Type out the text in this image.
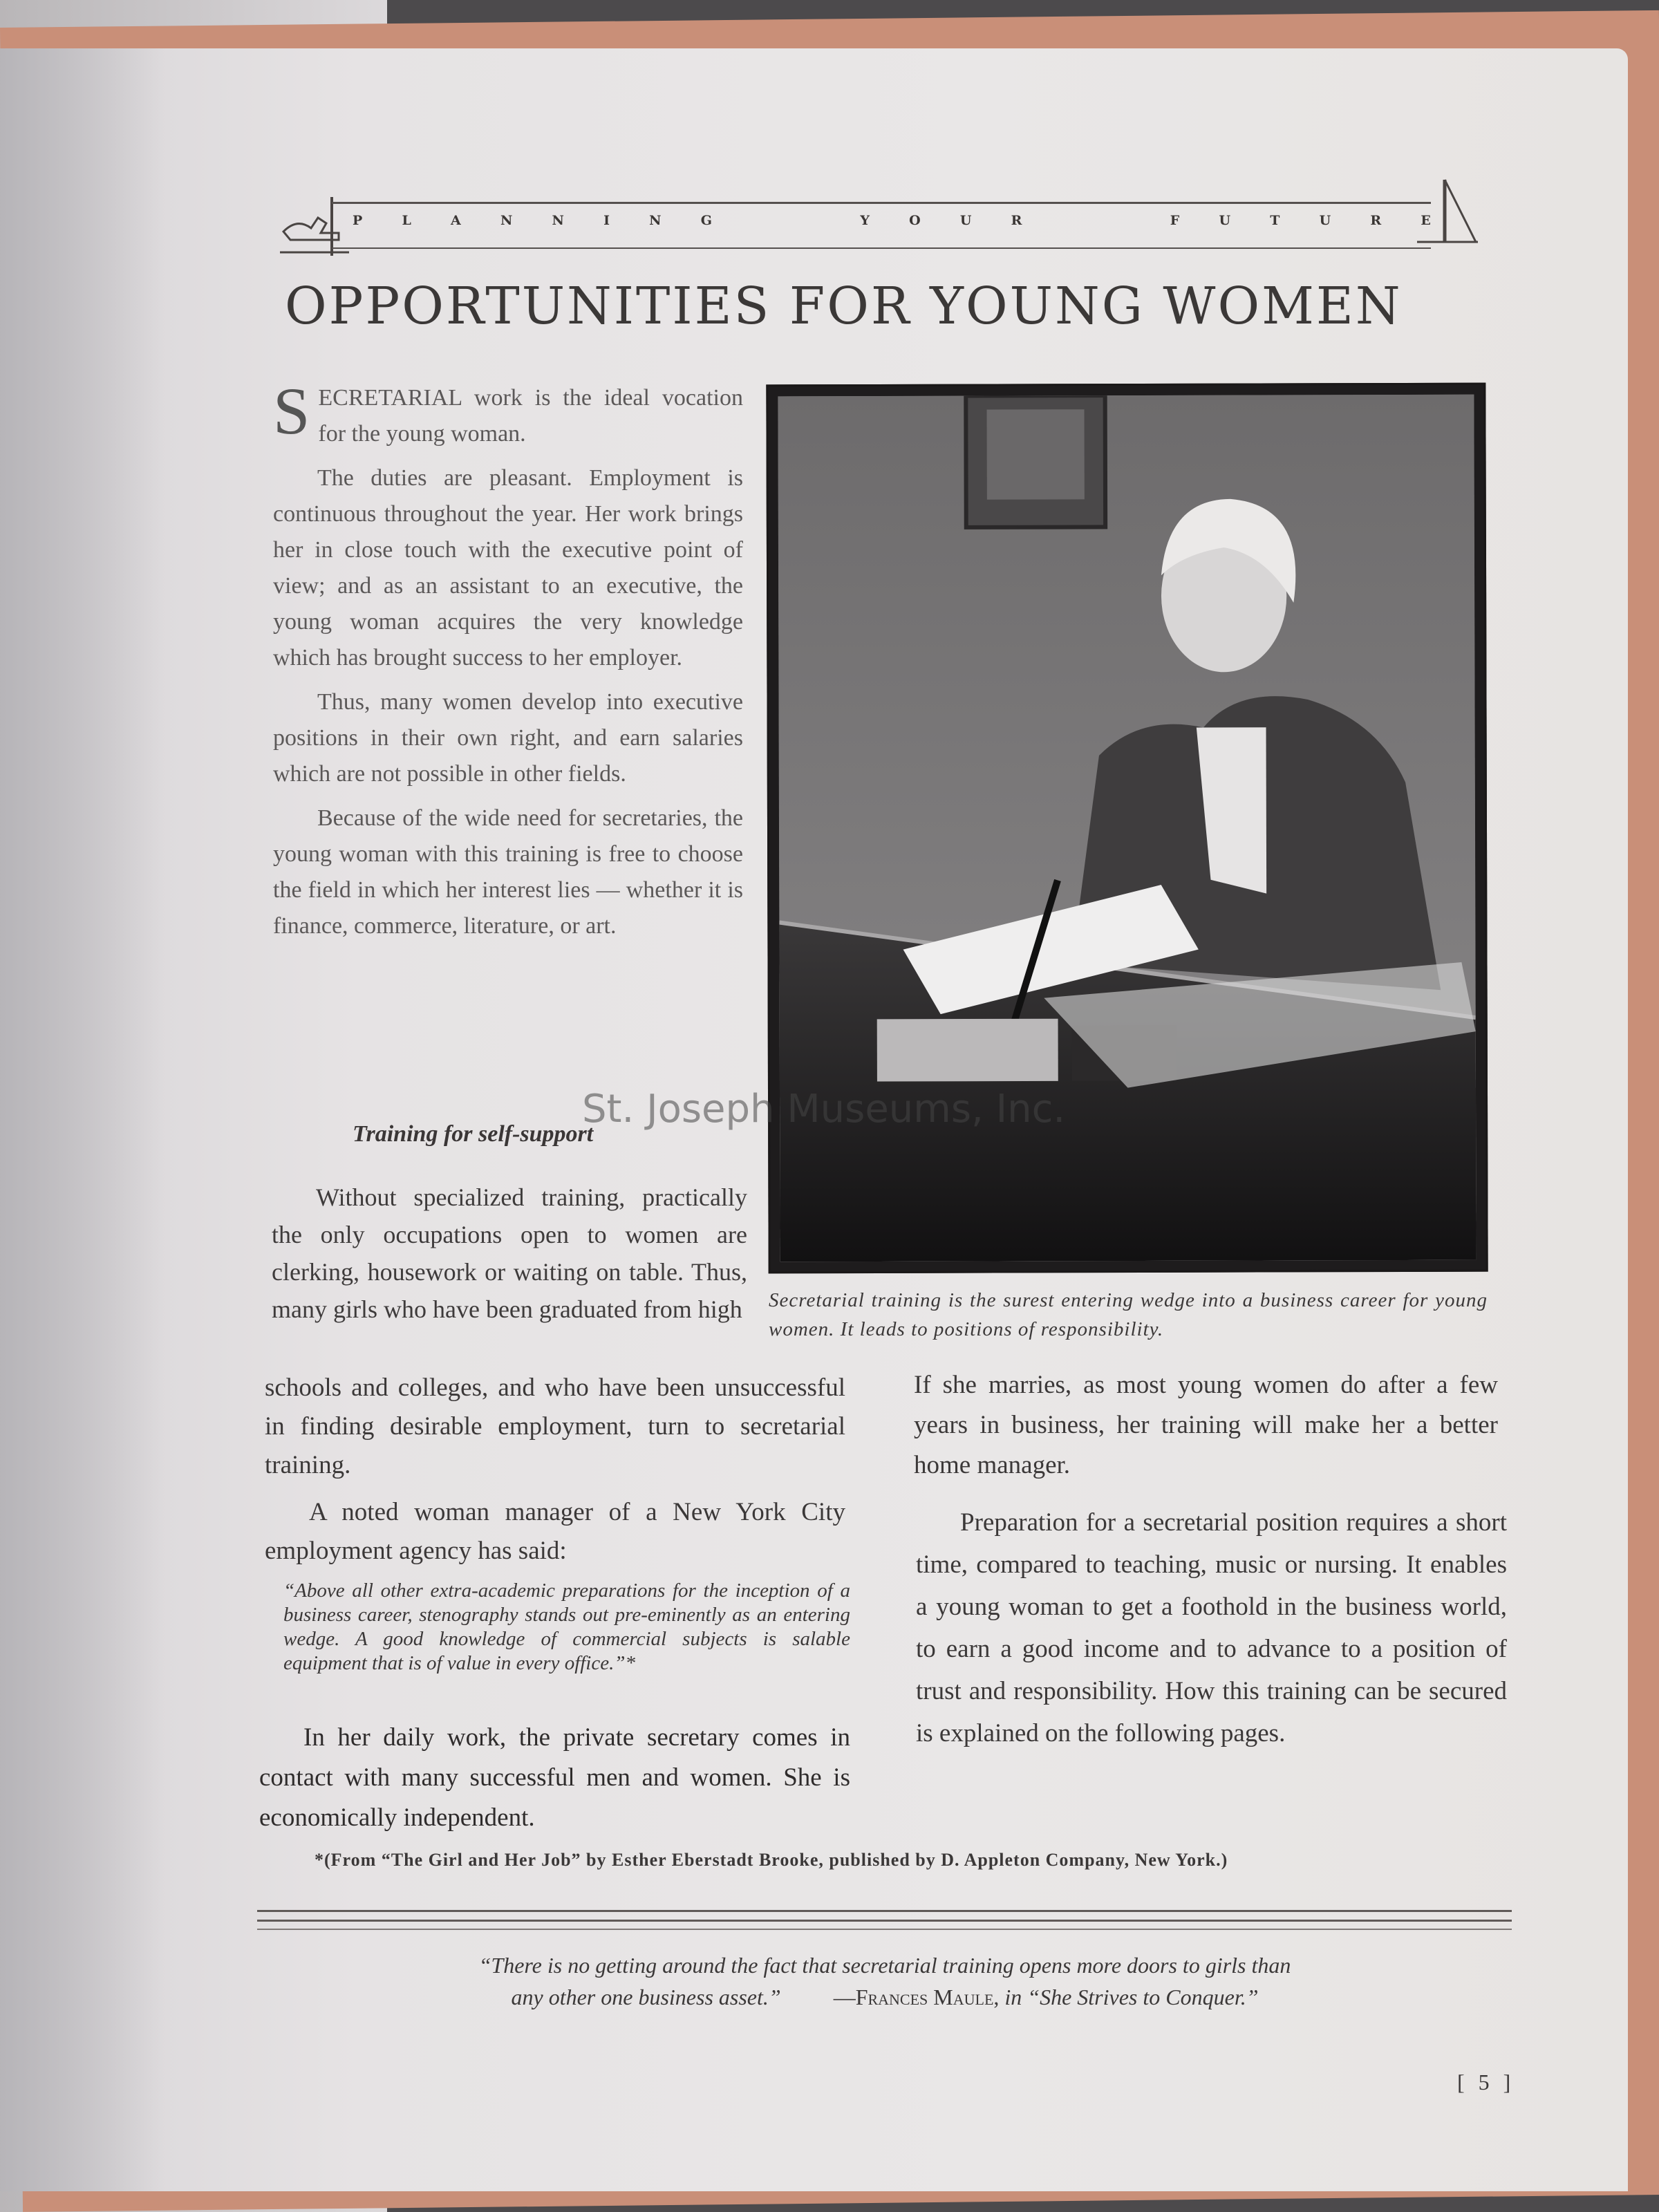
P	L	A	N	N	I	N	G	Y	O	U	R	F	U	T	U	R	E
OPPORTUNITIES FOR YOUNG WOMEN

S ECRETARIAL work is the ideal vocation for the young woman.

The duties are pleasant. Employment is continuous throughout the year. Her work brings her in close touch with the executive point of view; and as an assistant to an executive, the young woman acquires the very knowledge which has brought success to her employer.

Thus, many women develop into executive positions in their own right, and earn salaries which are not possible in other fields.

Because of the wide need for secretaries, the young woman with this training is free to choose the field in which her interest lies — whether it is finance, commerce, literature, or art.

Training for self-support

Without specialized training, practically the only occupations open to women are clerking, housework or waiting on table. Thus, many girls who have been graduated from high

schools and colleges, and who have been unsuccessful in finding desirable employment, turn to secretarial training.

A noted woman manager of a New York City employment agency has said:

“Above all other extra-academic preparations for the inception of a business career, stenography stands out pre-eminently as an entering wedge. A good knowledge of commercial subjects is salable equipment that is of value in every office.”*

In her daily work, the private secretary comes in contact with many successful men and women. She is economically independent.

Secretarial training is the surest entering wedge into a business career for young women. It leads to positions of responsibility.

If she marries, as most young women do after a few years in business, her training will make her a better home manager.

Preparation for a secretarial position requires a short time, compared to teaching, music or nursing. It enables a young woman to get a foothold in the business world, to earn a good income and to advance to a position of trust and responsibility. How this training can be secured is explained on the following pages.

*(From “The Girl and Her Job” by Esther Eberstadt Brooke, published by D. Appleton Company, New York.)
“There is no getting around the fact that secretarial training opens more doors to girls than
any other one business asset.” —Frances Maule, in “She Strives to Conquer.”
[ 5 ]
St. Joseph Museums, Inc.
